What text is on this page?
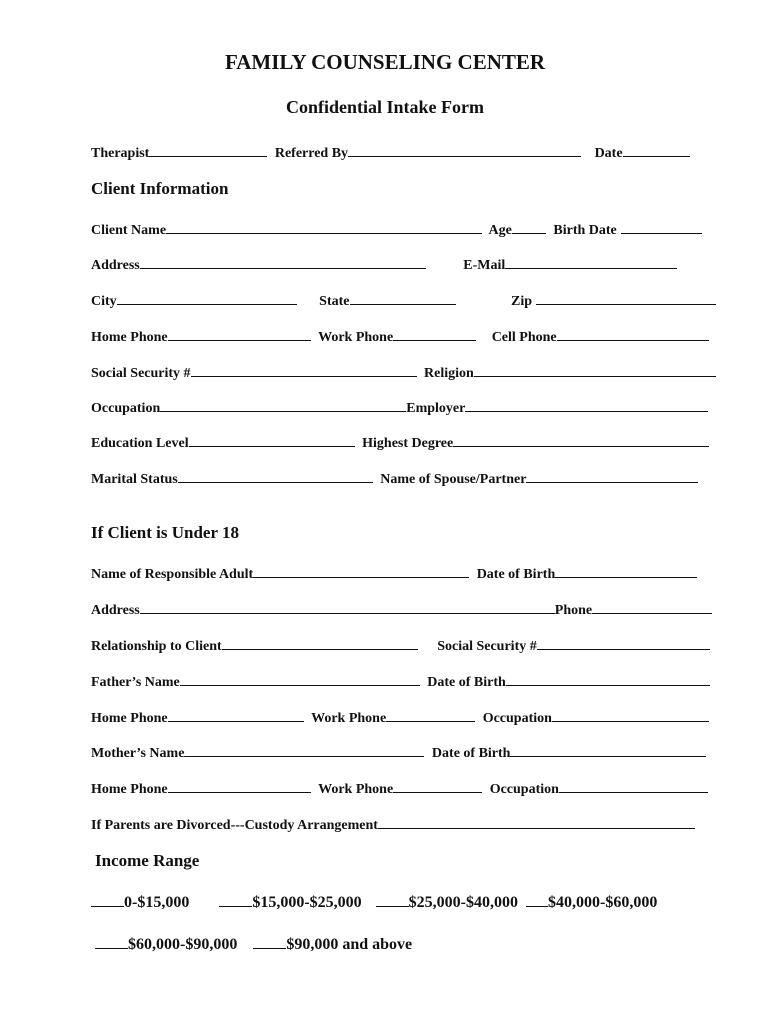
FAMILY COUNSELING CENTER
Confidential Intake Form
Therapist	Referred By	Date
Client Information
Client Name	Age	Birth Date
Address	E-Mail
City	State	Zip
Home Phone	Work Phone	Cell Phone
Social Security #	Religion
Occupation	Employer
Education Level	Highest Degree
Marital Status	Name of Spouse/Partner
If Client is Under 18
Name of Responsible Adult	Date of Birth
Address	Phone
Relationship to Client	Social Security #
Father’s Name	Date of Birth
Home Phone	Work Phone	Occupation
Mother’s Name	Date of Birth
Home Phone	Work Phone	Occupation
If Parents are Divorced---Custody Arrangement
Income Range
0-$15,000	$15,000-$25,000	$25,000-$40,000 $40,000-$60,000
$60,000-$90,000	$90,000 and above
